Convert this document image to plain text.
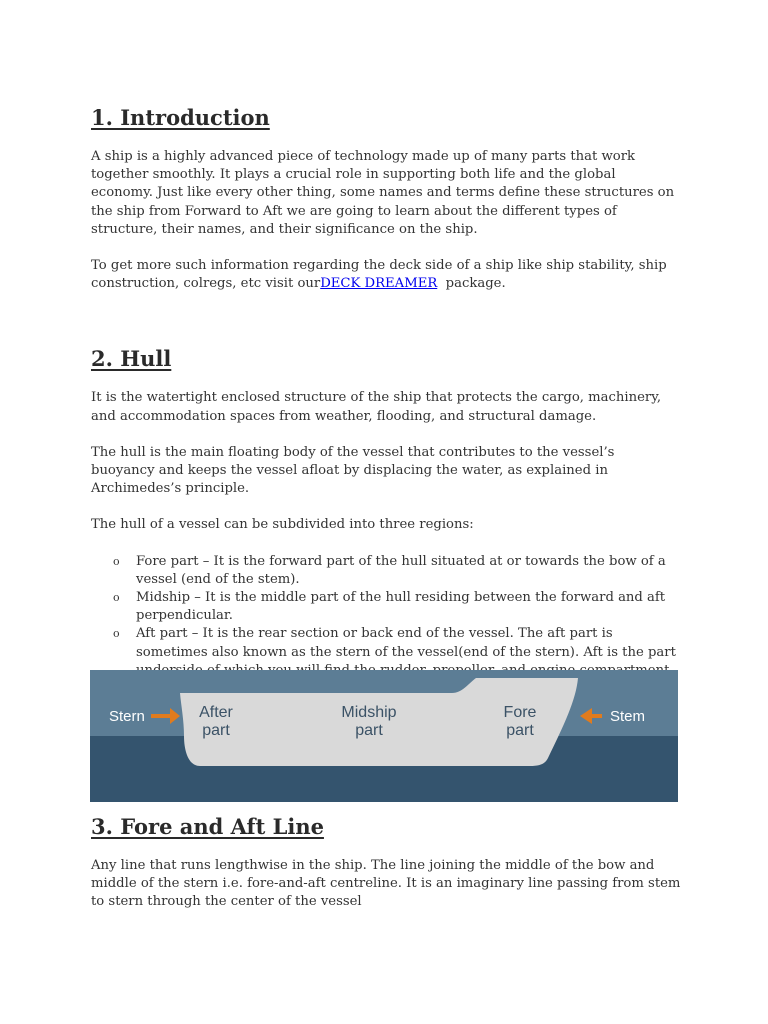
1. Introduction

A ship is a highly advanced piece of technology made up of many parts that work together smoothly. It plays a crucial role in supporting both life and the global economy. Just like every other thing, some names and terms define these structures on the ship from Forward to Aft we are going to learn about the different types of structure, their names, and their significance on the ship.

To get more such information regarding the deck side of a ship like ship stability, ship construction, colregs, etc visit ourDECK DREAMER  package.

2. Hull

It is the watertight enclosed structure of the ship that protects the cargo, machinery, and accommodation spaces from weather, flooding, and structural damage.

The hull is the main floating body of the vessel that contributes to the vessel’s buoyancy and keeps the vessel afloat by displacing the water, as explained in Archimedes’s principle.

The hull of a vessel can be subdivided into three regions:

o Fore part – It is the forward part of the hull situated at or towards the bow of a vessel (end of the stem).
o Midship – It is the middle part of the hull residing between the forward and aft perpendicular.
o Aft part – It is the rear section or back end of the vessel. The aft part is sometimes also known as the stern of the vessel(end of the stern). Aft is the part
Stern	Stem
After
part
Midship
part
Fore
part
3. Fore and Aft Line

Any line that runs lengthwise in the ship. The line joining the middle of the bow and middle of the stern i.e. fore-and-aft centreline. It is an imaginary line passing from stem to stern through the center of the vessel
